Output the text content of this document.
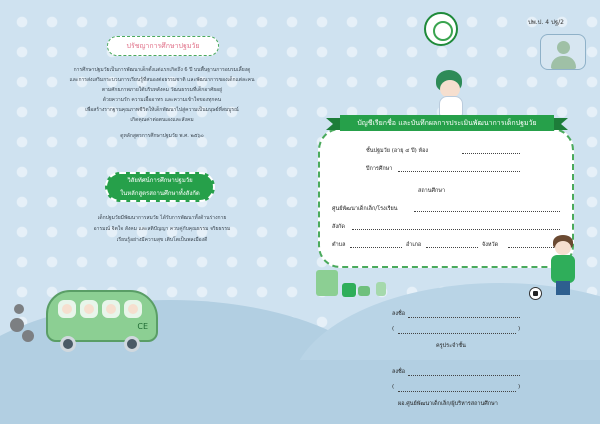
ปรัชญาการศึกษาปฐมวัย
การศึกษาปฐมวัยเป็นการพัฒนาเด็กตั้งแต่แรกเกิดถึง 6 ปี บนพื้นฐานการอบรมเลี้ยงดู
และการส่งเสริมกระบวนการเรียนรู้ที่สนองต่อธรรมชาติ และพัฒนาการของเด็กแต่ละคน
ตามศักยภาพภายใต้บริบทสังคม วัฒนธรรมที่เด็กอาศัยอยู่
ด้วยความรัก ความเอื้ออาทร และความเข้าใจของทุกคน
เพื่อสร้างรากฐานคุณภาพชีวิตให้เด็กพัฒนาไปสู่ความเป็นมนุษย์ที่สมบูรณ์
เกิดคุณค่าต่อตนเองและสังคม
ดูหลักสูตรการศึกษาปฐมวัย พ.ศ. ๒๕๖๐
วิสัยทัศน์การศึกษาปฐมวัย
ในหลักสูตรสถานศึกษาทั้งสังกัด
เด็กปฐมวัยมีพัฒนาการสมวัย ได้รับการพัฒนาทั้งด้านร่างกาย
อารมณ์ จิตใจ สังคม และสติปัญญา ควบคู่กับคุณธรรม จริยธรรม
เรียนรู้อย่างมีความสุข เติบโตเป็นพลเมืองดี
CE
ปพ.ป. 4 ปฐ/2
บัญชีเรียกชื่อ และบันทึกผลการประเมินพัฒนาการเด็กปฐมวัย
ชั้นปฐมวัย (อายุ ๔ ปี) ห้อง
ปีการศึกษา
สถานศึกษา
ศูนย์พัฒนาเด็กเล็ก/โรงเรียน
สังกัด
ตำบล	อำเภอ	จังหวัด
ลงชื่อ
(	)
ครูประจำชั้น
ลงชื่อ
(	)
ผอ.ศูนย์พัฒนาเด็กเล็ก/ผู้บริหารสถานศึกษา
